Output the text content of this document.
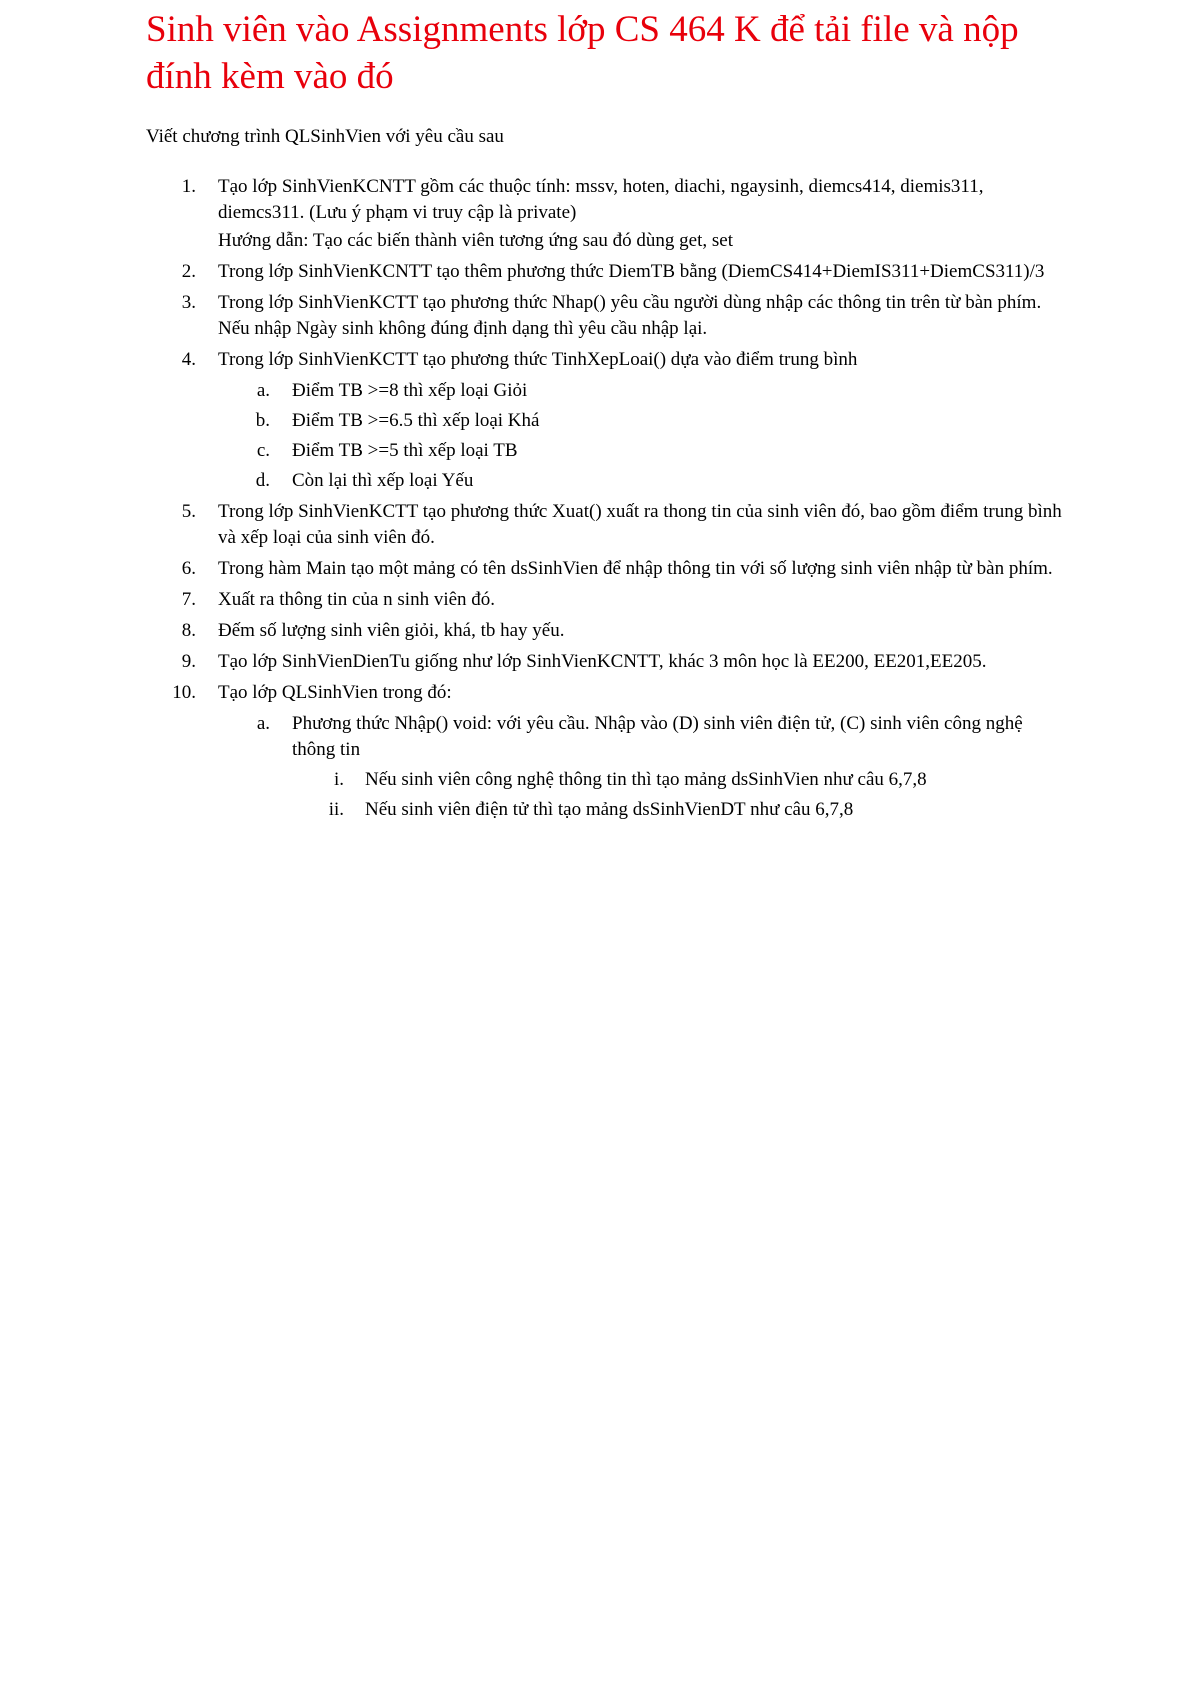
Sinh viên vào Assignments lớp CS 464 K để tải file và nộp đính kèm vào đó

Viết chương trình QLSinhVien với yêu cầu sau

1. Tạo lớp SinhVienKCNTT gồm các thuộc tính: mssv, hoten, diachi, ngaysinh, diemcs414, diemis311, diemcs311. (Lưu ý phạm vi truy cập là private)
Hướng dẫn: Tạo các biến thành viên tương ứng sau đó dùng get, set
2. Trong lớp SinhVienKCNTT tạo thêm phương thức DiemTB bằng (DiemCS414+DiemIS311+DiemCS311)/3
3. Trong lớp SinhVienKCTT tạo phương thức Nhap() yêu cầu người dùng nhập các thông tin trên từ bàn phím. Nếu nhập Ngày sinh không đúng định dạng thì yêu cầu nhập lại.
4. Trong lớp SinhVienKCTT tạo phương thức TinhXepLoai() dựa vào điểm trung bình
a. Điểm TB >=8 thì xếp loại Giỏi
b. Điểm TB >=6.5 thì xếp loại Khá
c. Điểm TB >=5 thì xếp loại TB
d. Còn lại thì xếp loại Yếu
5. Trong lớp SinhVienKCTT tạo phương thức Xuat() xuất ra thong tin của sinh viên đó, bao gồm điểm trung bình và xếp loại của sinh viên đó.
6. Trong hàm Main tạo một mảng có tên dsSinhVien để nhập thông tin với số lượng sinh viên nhập từ bàn phím.
7. Xuất ra thông tin của n sinh viên đó.
8. Đếm số lượng sinh viên giỏi, khá, tb hay yếu.
9. Tạo lớp SinhVienDienTu giống như lớp SinhVienKCNTT, khác 3 môn học là EE200, EE201,EE205.
10. Tạo lớp QLSinhVien trong đó:
a. Phương thức Nhập() void: với yêu cầu. Nhập vào (D) sinh viên điện tử, (C) sinh viên công nghệ thông tin
i. Nếu sinh viên công nghệ thông tin thì tạo mảng dsSinhVien như câu 6,7,8
ii. Nếu sinh viên điện tử thì tạo mảng dsSinhVienDT như câu 6,7,8
